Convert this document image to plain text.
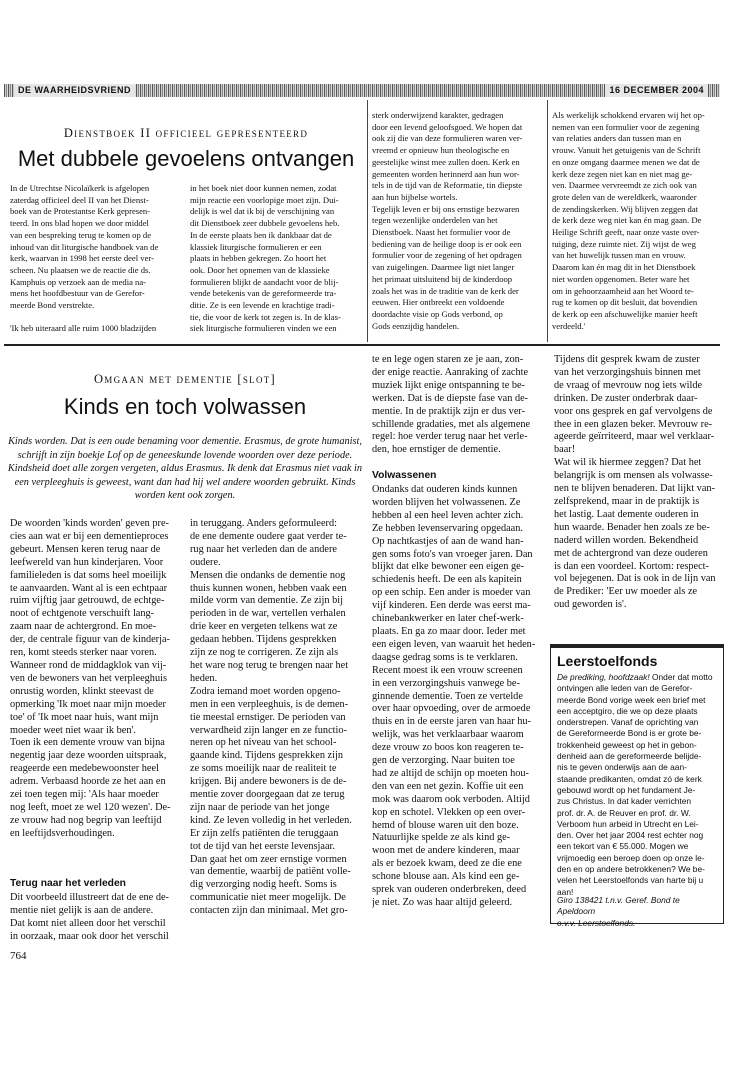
DE WAARHEIDSVRIEND	16 DECEMBER 2004
Dienstboek II officieel gepresenteerd
Met dubbele gevoelens ontvangen
In de Utrechtse Nicolaïkerk is afgelopen
zaterdag officieel deel II van het Dienst-
boek van de Protestantse Kerk gepresen-
teerd. In ons blad hopen we door middel
van een bespreking terug te komen op de
inhoud van dit liturgische handboek van de
kerk, waarvan in 1998 het eerste deel ver-
scheen. Nu plaatsen we de reactie die ds.
Kamphuis op verzoek aan de media na-
mens het hoofdbestuur van de Gerefor-
meerde Bond verstrekte.

'Ik heb uiteraard alle ruim 1000 bladzijden
in het boek niet door kunnen nemen, zodat
mijn reactie een voorlopige moet zijn. Dui-
delijk is wel dat ik bij de verschijning van
dit Dienstboek zeer dubbele gevoelens heb.
In de eerste plaats ben ik dankbaar dat de
klassiek liturgische formulieren er een
plaats in hebben gekregen. Zo hoort het
ook. Door het opnemen van de klassieke
formulieren blijkt de aandacht voor de blij-
vende betekenis van de gereformeerde tra-
ditie. Ze is een levende en krachtige tradi-
tie, die voor de kerk tot zegen is. In de klas-
siek liturgische formulieren vinden we een
sterk onderwijzend karakter, gedragen
door een levend geloofsgoed. We hopen dat
ook zij die van deze formulieren waren ver-
vreemd er opnieuw hun theologische en
geestelijke winst mee zullen doen. Kerk en
gemeenten worden herinnerd aan hun wor-
tels in de tijd van de Reformatie, tin diepste
aan hun bijbelse wortels.
Tegelijk leven er bij ons ernstige bezwaren
tegen wezenlijke onderdelen van het
Dienstboek. Naast het formulier voor de
bediening van de heilige doop is er ook een
formulier voor de zegening of het opdragen
van zuigelingen. Daarmee ligt niet langer
het primaat uitsluitend bij de kinderdoop
zoals het was in de traditie van de kerk der
eeuwen. Hier ontbreekt een voldoende
doordachte visie op Gods verbond, op
Gods eenzijdig handelen.
Als werkelijk schokkend ervaren wij het op-
nemen van een formulier voor de zegening
van relaties anders dan tussen man en
vrouw. Vanuit het getuigenis van de Schrift
en onze omgang daarmee menen we dat de
kerk deze zegen niet kan en niet mag ge-
ven. Daarmee vervreemdt ze zich ook van
grote delen van de wereldkerk, waaronder
de zendingskerken. Wij blijven zeggen dat
de kerk deze weg niet kan én mag gaan. De
Heilige Schrift geeft, naar onze vaste over-
tuiging, deze ruimte niet. Zij wijst de weg
van het huwelijk tussen man en vrouw.
Daarom kan én mag dit in het Dienstboek
niet worden opgenomen. Beter ware het
om in gehoorzaamheid aan het Woord te-
rug te komen op dit besluit, dat bovendien
de kerk op een afschuwelijke manier heeft
verdeeld.'
Omgaan met dementie [slot]
Kinds en toch volwassen
Kinds worden. Dat is een oude benaming voor dementie. Erasmus, de grote humanist,
schrijft in zijn boekje Lof op de geneeskunde lovende woorden over deze periode.
Kindsheid doet alle zorgen vergeten, aldus Erasmus. Ik denk dat Erasmus niet vaak in
een verpleeghuis is geweest, want dan had hij wel andere woorden gebruikt. Kinds
worden kent ook zorgen.
De woorden 'kinds worden' geven pre-
cies aan wat er bij een dementieproces
gebeurt. Mensen keren terug naar de
leefwereld van hun kinderjaren. Voor
familieleden is dat soms heel moeilijk
te aanvaarden. Want al is een echtpaar
ruim vijftig jaar getrouwd, de echtge-
noot of echtgenote verschuift lang-
zaam naar de achtergrond. En moe-
der, de centrale figuur van de kinderja-
ren, komt steeds sterker naar voren.
Wanneer rond de middagklok van vij-
ven de bewoners van het verpleeghuis
onrustig worden, klinkt steevast de
opmerking 'Ik moet naar mijn moeder
toe' of 'Ik moet naar huis, want mijn
moeder weet niet waar ik ben'.
Toen ik een demente vrouw van bijna
negentig jaar deze woorden uitspraak,
reageerde een medebewoonster heel
adrem. Verbaasd hoorde ze het aan en
zei toen tegen mij: 'Als haar moeder
nog leeft, moet ze wel 120 wezen'. De-
ze vrouw had nog begrip van leeftijd
en leeftijdsverhoudingen.
Terug naar het verleden
Dit voorbeeld illustreert dat de ene de-
mentie niet gelijk is aan de andere.
Dat komt niet alleen door het verschil
in oorzaak, maar ook door het verschil
764
in teruggang. Anders geformuleerd:
de ene demente oudere gaat verder te-
rug naar het verleden dan de andere
oudere.
Mensen die ondanks de dementie nog
thuis kunnen wonen, hebben vaak een
milde vorm van dementie. Ze zijn bij
perioden in de war, vertellen verhalen
drie keer en vergeten telkens wat ze
gedaan hebben. Tijdens gesprekken
zijn ze nog te corrigeren. Ze zijn als
het ware nog terug te brengen naar het
heden.
Zodra iemand moet worden opgeno-
men in een verpleeghuis, is de demen-
tie meestal ernstiger. De perioden van
verwardheid zijn langer en ze functio-
neren op het niveau van het school-
gaande kind. Tijdens gesprekken zijn
ze soms moeilijk naar de realiteit te
krijgen. Bij andere bewoners is de de-
mentie zover doorgegaan dat ze terug
zijn naar de periode van het jonge
kind. Ze leven volledig in het verleden.
Er zijn zelfs patiënten die teruggaan
tot de tijd van het eerste levensjaar.
Dan gaat het om zeer ernstige vormen
van dementie, waarbij de patiënt volle-
dig verzorging nodig heeft. Soms is
communicatie niet meer mogelijk. De
contacten zijn dan minimaal. Met gro-
te en lege ogen staren ze je aan, zon-
der enige reactie. Aanraking of zachte
muziek lijkt enige ontspanning te be-
werken. Dat is de diepste fase van de-
mentie. In de praktijk zijn er dus ver-
schillende gradaties, met als algemene
regel: hoe verder terug naar het verle-
den, hoe ernstiger de dementie.
Volwassenen
Ondanks dat ouderen kinds kunnen
worden blijven het volwassenen. Ze
hebben al een heel leven achter zich.
Ze hebben levenservaring opgedaan.
Op nachtkastjes of aan de wand han-
gen soms foto's van vroeger jaren. Dan
blijkt dat elke bewoner een eigen ge-
schiedenis heeft. De een als kapitein
op een schip. Een ander is moeder van
vijf kinderen. Een derde was eerst ma-
chinebankwerker en later chef-werk-
plaats. En ga zo maar door. Ieder met
een eigen leven, van waaruit het heden-
daagse gedrag soms is te verklaren.
Recent moest ik een vrouw screenen
in een verzorgingshuis vanwege be-
ginnende dementie. Toen ze vertelde
over haar opvoeding, over de armoede
thuis en in de eerste jaren van haar hu-
welijk, was het verklaarbaar waarom
deze vrouw zo boos kon reageren te-
gen de verzorging. Naar buiten toe
had ze altijd de schijn op moeten hou-
den van een net gezin. Koffie uit een
mok was daarom ook verboden. Altijd
kop en schotel. Vlekken op een over-
hemd of blouse waren uit den boze.
Natuurlijke spelde ze als kind ge-
woon met de andere kinderen, maar
als er bezoek kwam, deed ze die ene
schone blouse aan. Als kind een ge-
sprek van ouderen onderbreken, deed
je niet. Zo was haar altijd geleerd.
Tijdens dit gesprek kwam de zuster
van het verzorgingshuis binnen met
de vraag of mevrouw nog iets wilde
drinken. De zuster onderbrak daar-
voor ons gesprek en gaf vervolgens de
thee in een glazen beker. Mevrouw re-
ageerde geïrriteerd, maar wel verklaar-
baar!
Wat wil ik hiermee zeggen? Dat het
belangrijk is om mensen als volwasse-
nen te blijven benaderen. Dat lijkt van-
zelfsprekend, maar in de praktijk is
het lastig. Laat demente ouderen in
hun waarde. Benader hen zoals ze be-
naderd willen worden. Bekendheid
met de achtergrond van deze ouderen
is dan een voordeel. Kortom: respect-
vol bejegenen. Dat is ook in de lijn van
de Prediker: 'Eer uw moeder als ze
oud geworden is'.
Leerstoelfonds
De prediking, hoofdzaak! Onder dat motto
ontvingen alle leden van de Gerefor-
meerde Bond vorige week een brief met
een acceptgiro, die we op deze plaats
onderstrepen. Vanaf de oprichting van
de Gereformeerde Bond is er grote be-
trokkenheid geweest op het in gebon-
denheid aan de gereformeerde belijde-
nis te geven onderwijs aan de aan-
staande predikanten, omdat zó de kerk
gebouwd wordt op het fundament Je-
zus Christus. In dat kader verrichten
prof. dr. A. de Reuver en prof. dr. W.
Verboom hun arbeid in Utrecht en Lei-
den. Over het jaar 2004 rest echter nog
een tekort van € 55.000. Mogen we
vrijmoedig een beroep doen op onze le-
den en op andere betrokkenen? We be-
velen het Leerstoelfonds van harte bij u
aan!
Giro 138421 t.n.v. Geref. Bond te Apeldoorn
o.v.v. Leerstoelfonds.
